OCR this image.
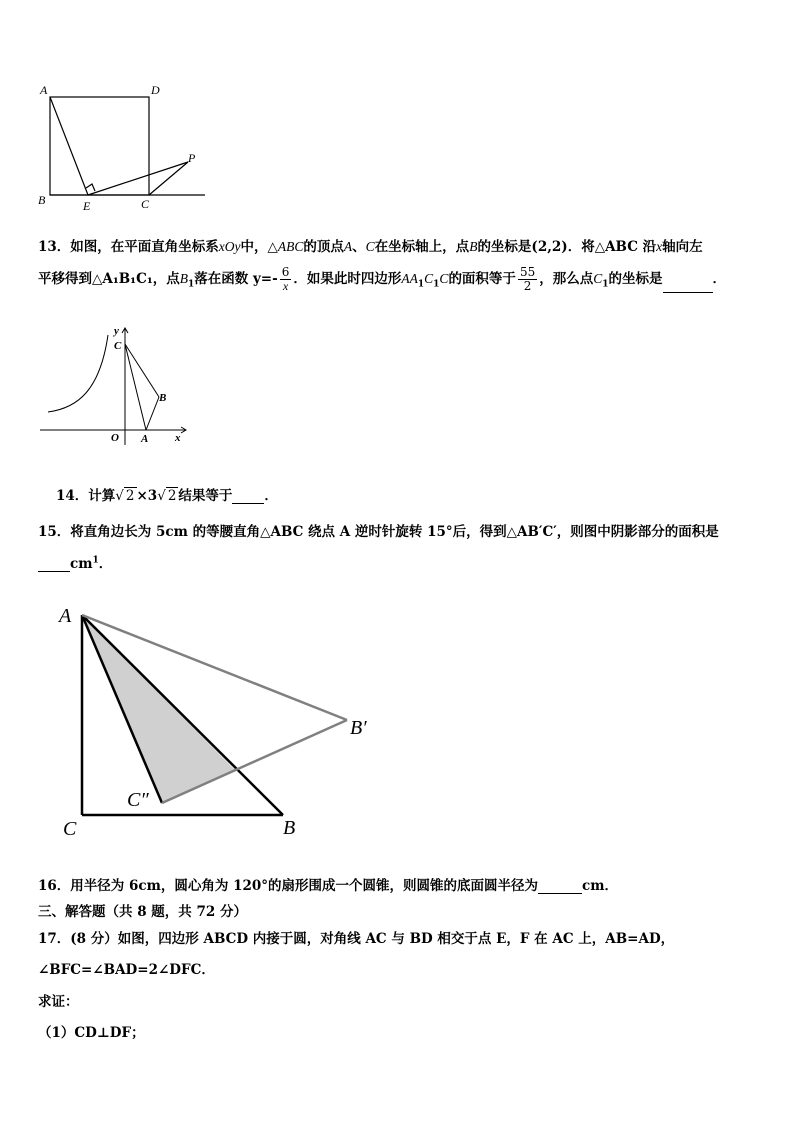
A	D
B	E	C
P
13．如图，在平面直角坐标系xOy中，△ABC的顶点A、C在坐标轴上，点B的坐标是(2,2)．将△ABC 沿x轴向左
平移得到△A₁B₁C₁，点$B_1$落在函数 $y=- \frac{6}{x}$ ．如果此时四边形$AA_1C_1C$的面积等于 $\frac{55}{2}$ ，那么点$C_1$的坐标是	．
y
C
B
O A x
14．计算√ 2 ×3√ 2 结果等于 ．
15．将直角边长为 5cm 的等腰直角△ABC 绕点 A 逆时针旋转 15°后，得到△AB′C′，则图中阴影部分的面积是
$cm^1$．
A
B′
C″
C	B
16．用半径为 6cm，圆心角为 120°的扇形围成一个圆锥，则圆锥的底面圆半径为	cm．
三、解答题（共 8 题，共 72 分）
17．(8 分）如图，四边形 ABCD 内接于圆，对角线 AC 与 BD 相交于点 E，F 在 AC 上，AB=AD，
∠BFC=∠BAD=2∠DFC．
求证：
（1）CD⊥DF；
